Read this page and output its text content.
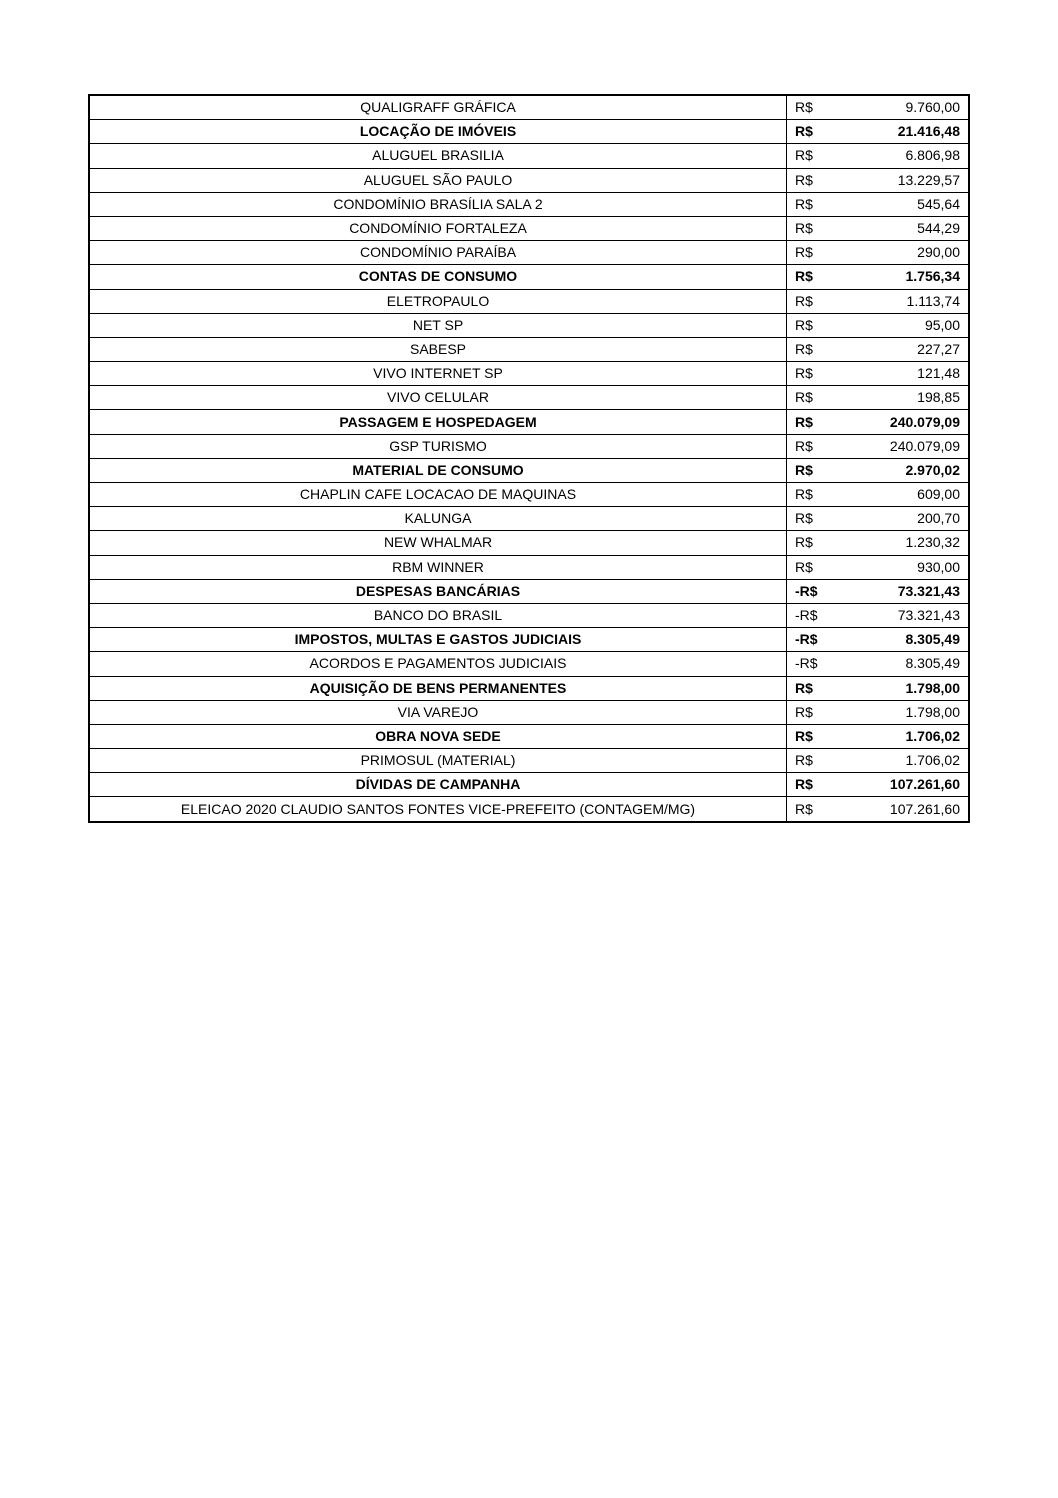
QUALIGRAFF GRÁFICA	R$	9.760,00
LOCAÇÃO DE IMÓVEIS	R$	21.416,48
ALUGUEL BRASILIA	R$	6.806,98
ALUGUEL SÃO PAULO	R$	13.229,57
CONDOMÍNIO BRASÍLIA SALA 2	R$	545,64
CONDOMÍNIO FORTALEZA	R$	544,29
CONDOMÍNIO PARAÍBA	R$	290,00
CONTAS DE CONSUMO	R$	1.756,34
ELETROPAULO	R$	1.113,74
NET SP	R$	95,00
SABESP	R$	227,27
VIVO INTERNET SP	R$	121,48
VIVO CELULAR	R$	198,85
PASSAGEM E HOSPEDAGEM	R$	240.079,09
GSP TURISMO	R$	240.079,09
MATERIAL DE CONSUMO	R$	2.970,02
CHAPLIN CAFE LOCACAO DE MAQUINAS	R$	609,00
KALUNGA	R$	200,70
NEW WHALMAR	R$	1.230,32
RBM WINNER	R$	930,00
DESPESAS BANCÁRIAS	-R$	73.321,43
BANCO DO BRASIL	-R$	73.321,43
IMPOSTOS, MULTAS E GASTOS JUDICIAIS	-R$	8.305,49
ACORDOS E PAGAMENTOS JUDICIAIS	-R$	8.305,49
AQUISIÇÃO DE BENS PERMANENTES	R$	1.798,00
VIA VAREJO	R$	1.798,00
OBRA NOVA SEDE	R$	1.706,02
PRIMOSUL (MATERIAL)	R$	1.706,02
DÍVIDAS DE CAMPANHA	R$	107.261,60
ELEICAO 2020 CLAUDIO SANTOS FONTES VICE-PREFEITO (CONTAGEM/MG)	R$	107.261,60
